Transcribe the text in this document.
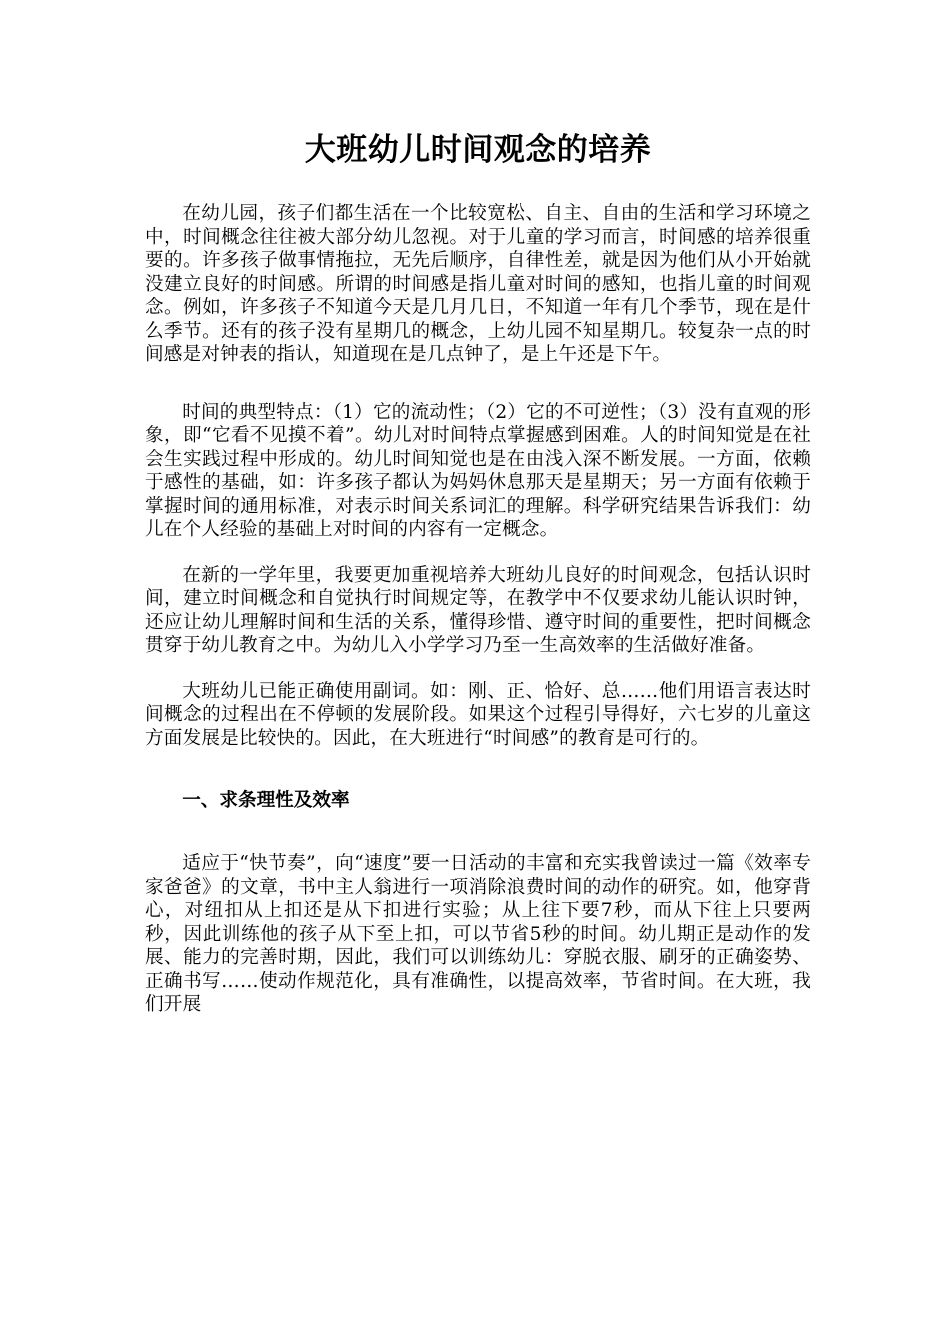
大班幼儿时间观念的培养

在幼儿园，孩子们都生活在一个比较宽松、自主、自由的生活和学习环境之中，时间概念往往被大部分幼儿忽视。对于儿童的学习而言，时间感的培养很重要的。许多孩子做事情拖拉，无先后顺序，自律性差，就是因为他们从小开始就没建立良好的时间感。所谓的时间感是指儿童对时间的感知，也指儿童的时间观念。例如，许多孩子不知道今天是几月几日，不知道一年有几个季节，现在是什么季节。还有的孩子没有星期几的概念，上幼儿园不知星期几。较复杂一点的时间感是对钟表的指认，知道现在是几点钟了，是上午还是下午。

时间的典型特点：（1）它的流动性；（2）它的不可逆性；（3）没有直观的形象，即“它看不见摸不着”。幼儿对时间特点掌握感到困难。人的时间知觉是在社会生实践过程中形成的。幼儿时间知觉也是在由浅入深不断发展。一方面，依赖于感性的基础，如：许多孩子都认为妈妈休息那天是星期天；另一方面有依赖于掌握时间的通用标准，对表示时间关系词汇的理解。科学研究结果告诉我们：幼儿在个人经验的基础上对时间的内容有一定概念。

在新的一学年里，我要更加重视培养大班幼儿良好的时间观念，包括认识时间，建立时间概念和自觉执行时间规定等，在教学中不仅要求幼儿能认识时钟，还应让幼儿理解时间和生活的关系，懂得珍惜、遵守时间的重要性，把时间概念贯穿于幼儿教育之中。为幼儿入小学学习乃至一生高效率的生活做好准备。

大班幼儿已能正确使用副词。如：刚、正、恰好、总……他们用语言表达时间概念的过程出在不停顿的发展阶段。如果这个过程引导得好，六七岁的儿童这方面发展是比较快的。因此，在大班进行“时间感”的教育是可行的。

一、求条理性及效率

适应于“快节奏”，向“速度”要一日活动的丰富和充实我曾读过一篇《效率专家爸爸》的文章，书中主人翁进行一项消除浪费时间的动作的研究。如，他穿背心，对纽扣从上扣还是从下扣进行实验；从上往下要7秒，而从下往上只要两秒，因此训练他的孩子从下至上扣，可以节省5秒的时间。幼儿期正是动作的发展、能力的完善时期，因此，我们可以训练幼儿：穿脱衣服、刷牙的正确姿势、正确书写……使动作规范化，具有准确性，以提高效率，节省时间。在大班，我们开展
